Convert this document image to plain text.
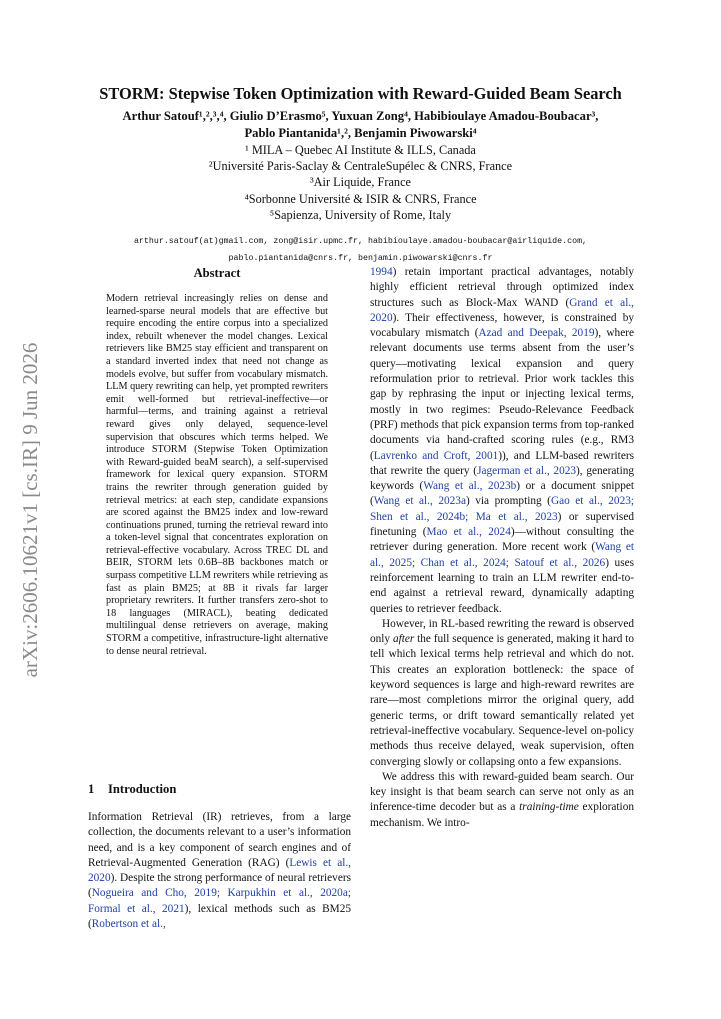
arXiv:2606.10621v1 [cs.IR] 9 Jun 2026
STORM: Stepwise Token Optimization with Reward-Guided Beam Search
Arthur Satouf¹,²,³,⁴, Giulio D’Erasmo⁵, Yuxuan Zong⁴, Habibioulaye Amadou-Boubacar³,
Pablo Piantanida¹,², Benjamin Piwowarski⁴
¹ MILA – Quebec AI Institute & ILLS, Canada
²Université Paris-Saclay & CentraleSupélec & CNRS, France
³Air Liquide, France
⁴Sorbonne Université & ISIR & CNRS, France
⁵Sapienza, University of Rome, Italy
arthur.satouf(at)gmail.com, zong@isir.upmc.fr, habibioulaye.amadou-boubacar@airliquide.com,
pablo.piantanida@cnrs.fr, benjamin.piwowarski@cnrs.fr
Abstract
Modern retrieval increasingly relies on dense and learned-sparse neural models that are effective but require encoding the entire corpus into a specialized index, rebuilt whenever the model changes. Lexical retrievers like BM25 stay efficient and transparent on a standard inverted index that need not change as models evolve, but suffer from vocabulary mismatch. LLM query rewriting can help, yet prompted rewriters emit well-formed but retrieval-ineffective—or harmful—terms, and training against a retrieval reward gives only delayed, sequence-level supervision that obscures which terms helped. We introduce STORM (Stepwise Token Optimization with Reward-guided beaM search), a self-supervised framework for lexical query expansion. STORM trains the rewriter through generation guided by retrieval metrics: at each step, candidate expansions are scored against the BM25 index and low-reward continuations pruned, turning the retrieval reward into a token-level signal that concentrates exploration on retrieval-effective vocabulary. Across TREC DL and BEIR, STORM lets 0.6B–8B backbones match or surpass competitive LLM rewriters while retrieving as fast as plain BM25; at 8B it rivals far larger proprietary rewriters. It further transfers zero-shot to 18 languages (MIRACL), beating dedicated multilingual dense retrievers on average, making STORM a competitive, infrastructure-light alternative to dense neural retrieval.
1 Introduction
Information Retrieval (IR) retrieves, from a large collection, the documents relevant to a user’s information need, and is a key component of search engines and of Retrieval-Augmented Generation (RAG) (Lewis et al., 2020). Despite the strong performance of neural retrievers (Nogueira and Cho, 2019; Karpukhin et al., 2020a; Formal et al., 2021), lexical methods such as BM25 (Robertson et al.,

1994) retain important practical advantages, notably highly efficient retrieval through optimized index structures such as Block-Max WAND (Grand et al., 2020). Their effectiveness, however, is constrained by vocabulary mismatch (Azad and Deepak, 2019), where relevant documents use terms absent from the user’s query—motivating lexical expansion and query reformulation prior to retrieval. Prior work tackles this gap by rephrasing the input or injecting lexical terms, mostly in two regimes: Pseudo-Relevance Feedback (PRF) methods that pick expansion terms from top-ranked documents via hand-crafted scoring rules (e.g., RM3 (Lavrenko and Croft, 2001)), and LLM-based rewriters that rewrite the query (Jagerman et al., 2023), generating keywords (Wang et al., 2023b) or a document snippet (Wang et al., 2023a) via prompting (Gao et al., 2023; Shen et al., 2024b; Ma et al., 2023) or supervised finetuning (Mao et al., 2024)—without consulting the retriever during generation. More recent work (Wang et al., 2025; Chan et al., 2024; Satouf et al., 2026) uses reinforcement learning to train an LLM rewriter end-to-end against a retrieval reward, dynamically adapting queries to retriever feedback.

However, in RL-based rewriting the reward is observed only after the full sequence is generated, making it hard to tell which lexical terms help retrieval and which do not. This creates an exploration bottleneck: the space of keyword sequences is large and high-reward rewrites are rare—most completions mirror the original query, add generic terms, or drift toward semantically related yet retrieval-ineffective vocabulary. Sequence-level on-policy methods thus receive delayed, weak supervision, often converging slowly or collapsing onto a few expansions.

We address this with reward-guided beam search. Our key insight is that beam search can serve not only as an inference-time decoder but as a training-time exploration mechanism. We intro-
